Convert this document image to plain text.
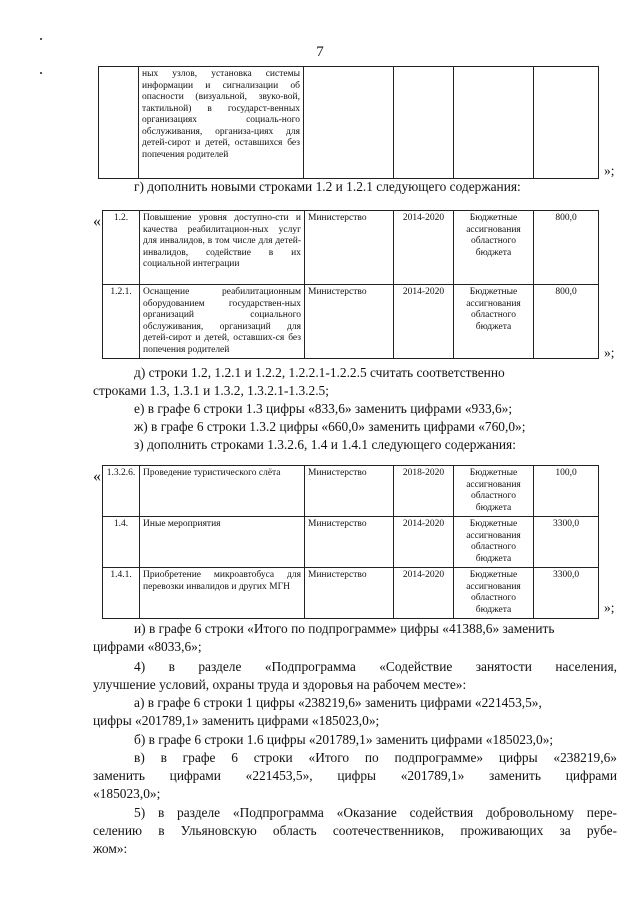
7
	ных узлов, установка системы информации и сигнализации об опасности (визуальной, звуко-вой, тактильной) в государст-венных организациях социаль-ного обслуживания, организа-циях для детей-сирот и детей, оставшихся без попечения родителей				
»;
г) дополнить новыми строками 1.2 и 1.2.1 следующего содержания:
« 1.2.	Повышение уровня доступно-сти и качества реабилитацион-ных услуг для инвалидов, в том числе для детей-инвалидов, содействие в их социальной интеграции	Министерство	2014-2020	Бюджетные ассигнования областного бюджета	800,0
1.2.1.	Оснащение реабилитационным оборудованием государствен-ных организаций социального обслуживания, организаций для детей-сирот и детей, оставших-ся без попечения родителей	Министерство	2014-2020	Бюджетные ассигнования областного бюджета	800,0
»;
д) строки 1.2, 1.2.1 и 1.2.2, 1.2.2.1-1.2.2.5 считать соответственно
строками 1.3, 1.3.1 и 1.3.2, 1.3.2.1-1.3.2.5;
е) в графе 6 строки 1.3 цифры «833,6» заменить цифрами «933,6»;
ж) в графе 6 строки 1.3.2 цифры «660,0» заменить цифрами «760,0»;
з) дополнить строками 1.3.2.6, 1.4 и 1.4.1 следующего содержания:
« 1.3.2.6.	Проведение туристического слёта	Министерство	2018-2020	Бюджетные ассигнования областного бюджета	100,0
1.4.	Иные мероприятия	Министерство	2014-2020	Бюджетные ассигнования областного бюджета	3300,0
1.4.1.	Приобретение микроавтобуса для перевозки инвалидов и других МГН	Министерство	2014-2020	Бюджетные ассигнования областного бюджета	3300,0
»;
и) в графе 6 строки «Итого по подпрограмме» цифры «41388,6» заменить
цифрами «8033,6»;
4) в разделе «Подпрограмма «Содействие занятости населения,
улучшение условий, охраны труда и здоровья на рабочем месте»:
а) в графе 6 строки 1 цифры «238219,6» заменить цифрами «221453,5»,
цифры «201789,1» заменить цифрами «185023,0»;
б) в графе 6 строки 1.6 цифры «201789,1» заменить цифрами «185023,0»;
в) в графе 6 строки «Итого по подпрограмме» цифры «238219,6»
заменить цифрами «221453,5», цифры «201789,1» заменить цифрами
«185023,0»;
5) в разделе «Подпрограмма «Оказание содействия добровольному пере-
селению в Ульяновскую область соотечественников, проживающих за рубе-
жом»:
